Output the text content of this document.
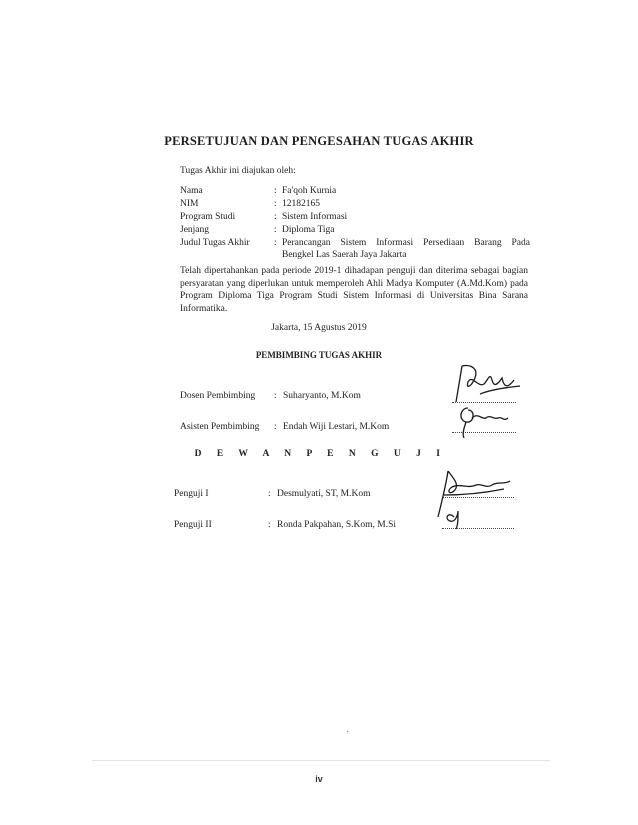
PERSETUJUAN DAN PENGESAHAN TUGAS AKHIR
Tugas Akhir ini diajukan oleh:
Nama	: Fa'qoh Kurnia
NIM	: 12182165
Program Studi	: Sistem Informasi
Jenjang	: Diploma Tiga
Judul Tugas Akhir	: Perancangan Sistem Informasi Persediaan Barang Pada
Bengkel Las Saerah Jaya Jakarta
Telah dipertahankan pada periode 2019-1 dihadapan penguji dan diterima sebagai bagian persyaratan yang diperlukan untuk memperoleh Ahli Madya Komputer (A.Md.Kom) pada Program Diploma Tiga Program Studi Sistem Informasi di Universitas Bina Sarana Informatika.
Jakarta, 15 Agustus 2019
PEMBIMBING TUGAS AKHIR
Dosen Pembimbing : Suharyanto, M.Kom
Asisten Pembimbing : Endah Wiji Lestari, M.Kom
D E W A N P E N G U J I
Penguji I	: Desmulyati, ST, M.Kom
Penguji II	: Ronda Pakpahan, S.Kom, M.Si
·
iv
